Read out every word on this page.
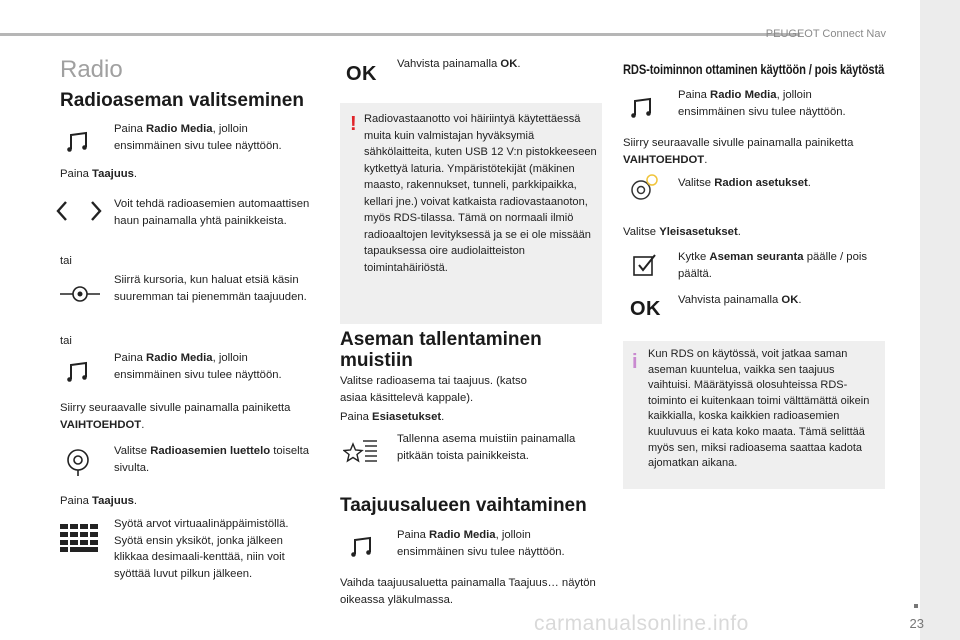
PEUGEOT Connect Nav
23
Radio
Radioaseman valitseminen
Paina Radio Media, jolloin ensimmäinen sivu tulee näyttöön.
Paina Taajuus.
Voit tehdä radioasemien automaattisen haun painamalla yhtä painikkeista.
tai
Siirrä kursoria, kun haluat etsiä käsin suuremman tai pienemmän taajuuden.
tai
Paina Radio Media, jolloin ensimmäinen sivu tulee näyttöön.
Siirry seuraavalle sivulle painamalla painiketta VAIHTOEHDOT.
Valitse Radioasemien luettelo toiselta sivulta.
Paina Taajuus.
Syötä arvot virtuaalinäppäimistöllä. Syötä ensin yksiköt, jonka jälkeen klikkaa desimaali-kenttää, niin voit syöttää luvut pilkun jälkeen.
OK Vahvista painamalla OK.
! Radiovastaanotto voi häiriintyä käytettäessä muita kuin valmistajan hyväksymiä sähkölaitteita, kuten USB 12 V:n pistokkeeseen kytkettyä laturia. Ympäristötekijät (mäkinen maasto, rakennukset, tunneli, parkkipaikka, kellari jne.) voivat katkaista radiovastaanoton, myös RDS-tilassa. Tämä on normaali ilmiö radioaaltojen levityksessä ja se ei ole missään tapauksessa oire audiolaitteiston toimintahäiriöstä.
Aseman tallentaminen muistiin
Valitse radioasema tai taajuus. (katso asiaa käsittelevä kappale).
Paina Esiasetukset.
Tallenna asema muistiin painamalla pitkään toista painikkeista.
Taajuusalueen vaihtaminen
Paina Radio Media, jolloin ensimmäinen sivu tulee näyttöön.
Vaihda taajuusaluetta painamalla Taajuus… näytön oikeassa yläkulmassa.
RDS-toiminnon ottaminen käyttöön / pois käytöstä
Paina Radio Media, jolloin ensimmäinen sivu tulee näyttöön.
Siirry seuraavalle sivulle painamalla painiketta VAIHTOEHDOT.
Valitse Radion asetukset.
Valitse Yleisasetukset.
Kytke Aseman seuranta päälle / pois päältä.
OK Vahvista painamalla OK.
i Kun RDS on käytössä, voit jatkaa saman aseman kuuntelua, vaikka sen taajuus vaihtuisi. Määrätyissä olosuhteissa RDS-toiminto ei kuitenkaan toimi välttämättä oikein kaikkialla, koska kaikkien radioasemien kuuluvuus ei kata koko maata. Tämä selittää myös sen, miksi radioasema saattaa kadota ajomatkan aikana.
carmanualsonline.info
